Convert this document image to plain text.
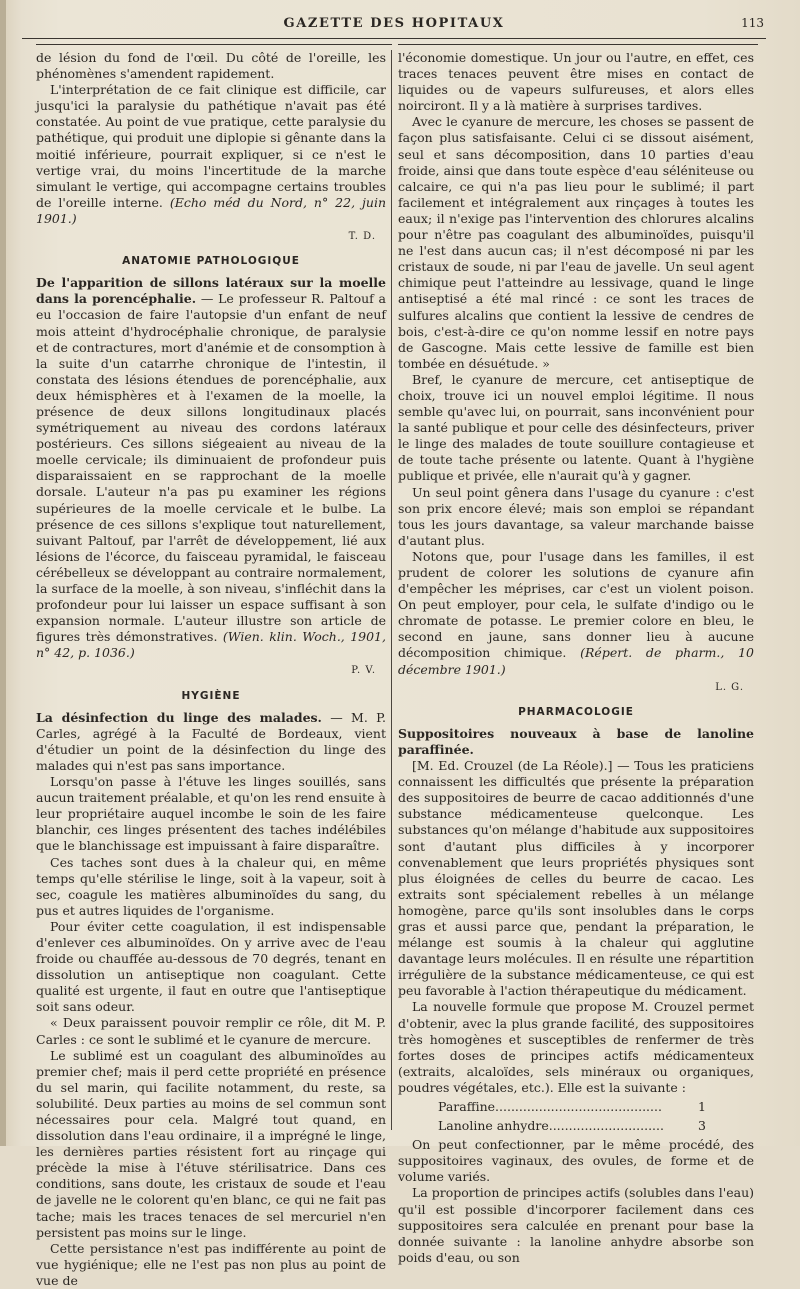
GAZETTE DES HOPITAUX	113

de lésion du fond de l'œil. Du côté de l'oreille, les phénomènes s'amendent rapidement.

L'interprétation de ce fait clinique est difficile, car jusqu'ici la paralysie du pathétique n'avait pas été constatée. Au point de vue pratique, cette paralysie du pathétique, qui produit une diplopie si gênante dans la moitié inférieure, pourrait expliquer, si ce n'est le vertige vrai, du moins l'incertitude de la marche simulant le vertige, qui accompagne certains troubles de l'oreille interne. (Echo méd du Nord, n° 22, juin 1901.)

T. D.
ANATOMIE PATHOLOGIQUE

De l'apparition de sillons latéraux sur la moelle dans la porencéphalie. — Le professeur R. Paltouf a eu l'occasion de faire l'autopsie d'un enfant de neuf mois atteint d'hydrocéphalie chronique, de paralysie et de contractures, mort d'anémie et de consomption à la suite d'un catarrhe chronique de l'intestin, il constata des lésions étendues de porencéphalie, aux deux hémisphères et à l'examen de la moelle, la présence de deux sillons longitudinaux placés symétriquement au niveau des cordons latéraux postérieurs. Ces sillons siégeaient au niveau de la moelle cervicale; ils diminuaient de profondeur puis disparaissaient en se rapprochant de la moelle dorsale. L'auteur n'a pas pu examiner les régions supérieures de la moelle cervicale et le bulbe. La présence de ces sillons s'explique tout naturellement, suivant Paltouf, par l'arrêt de développement, lié aux lésions de l'écorce, du faisceau pyramidal, le faisceau cérébelleux se développant au contraire normalement, la surface de la moelle, à son niveau, s'infléchit dans la profondeur pour lui laisser un espace suffisant à son expansion normale. L'auteur illustre son article de figures très démonstratives. (Wien. klin. Woch., 1901, n° 42, p. 1036.)

P. V.
HYGIÈNE

La désinfection du linge des malades. — M. P. Carles, agrégé à la Faculté de Bordeaux, vient d'étudier un point de la désinfection du linge des malades qui n'est pas sans importance.

Lorsqu'on passe à l'étuve les linges souillés, sans aucun traitement préalable, et qu'on les rend ensuite à leur propriétaire auquel incombe le soin de les faire blanchir, ces linges présentent des taches indélébiles que le blanchissage est impuissant à faire disparaître.

Ces taches sont dues à la chaleur qui, en même temps qu'elle stérilise le linge, soit à la vapeur, soit à sec, coagule les matières albuminoïdes du sang, du pus et autres liquides de l'organisme.

Pour éviter cette coagulation, il est indispensable d'enlever ces albuminoïdes. On y arrive avec de l'eau froide ou chauffée au-dessous de 70 degrés, tenant en dissolution un antiseptique non coagulant. Cette qualité est urgente, il faut en outre que l'antiseptique soit sans odeur.

« Deux paraissent pouvoir remplir ce rôle, dit M. P. Carles : ce sont le sublimé et le cyanure de mercure.

Le sublimé est un coagulant des albuminoïdes au premier chef; mais il perd cette propriété en présence du sel marin, qui facilite notamment, du reste, sa solubilité. Deux parties au moins de sel commun sont nécessaires pour cela. Malgré tout quand, en dissolution dans l'eau ordinaire, il a imprégné le linge, les dernières parties résistent fort au rinçage qui précède la mise à l'étuve stérilisatrice. Dans ces conditions, sans doute, les cristaux de soude et l'eau de javelle ne le colorent qu'en blanc, ce qui ne fait pas tache; mais les traces tenaces de sel mercuriel n'en persistent pas moins sur le linge.

Cette persistance n'est pas indifférente au point de vue hygiénique; elle ne l'est pas non plus au point de vue de

l'économie domestique. Un jour ou l'autre, en effet, ces traces tenaces peuvent être mises en contact de liquides ou de vapeurs sulfureuses, et alors elles noirciront. Il y a là matière à surprises tardives.

Avec le cyanure de mercure, les choses se passent de façon plus satisfaisante. Celui ci se dissout aisément, seul et sans décomposition, dans 10 parties d'eau froide, ainsi que dans toute espèce d'eau séléniteuse ou calcaire, ce qui n'a pas lieu pour le sublimé; il part facilement et intégralement aux rinçages à toutes les eaux; il n'exige pas l'intervention des chlorures alcalins pour n'être pas coagulant des albuminoïdes, puisqu'il ne l'est dans aucun cas; il n'est décomposé ni par les cristaux de soude, ni par l'eau de javelle. Un seul agent chimique peut l'atteindre au lessivage, quand le linge antiseptisé a été mal rincé : ce sont les traces de sulfures alcalins que contient la lessive de cendres de bois, c'est-à-dire ce qu'on nomme lessif en notre pays de Gascogne. Mais cette lessive de famille est bien tombée en désuétude. »

Bref, le cyanure de mercure, cet antiseptique de choix, trouve ici un nouvel emploi légitime. Il nous semble qu'avec lui, on pourrait, sans inconvénient pour la santé publique et pour celle des désinfecteurs, priver le linge des malades de toute souillure contagieuse et de toute tache présente ou latente. Quant à l'hygiène publique et privée, elle n'aurait qu'à y gagner.

Un seul point gênera dans l'usage du cyanure : c'est son prix encore élevé; mais son emploi se répandant tous les jours davantage, sa valeur marchande baisse d'autant plus.

Notons que, pour l'usage dans les familles, il est prudent de colorer les solutions de cyanure afin d'empêcher les méprises, car c'est un violent poison. On peut employer, pour cela, le sulfate d'indigo ou le chromate de potasse. Le premier colore en bleu, le second en jaune, sans donner lieu à aucune décomposition chimique. (Répert. de pharm., 10 décembre 1901.)

L. G.
PHARMACOLOGIE

Suppositoires nouveaux à base de lanoline paraffinée.

[M. Ed. Crouzel (de La Réole).] — Tous les praticiens connaissent les difficultés que présente la préparation des suppositoires de beurre de cacao additionnés d'une substance médicamenteuse quelconque. Les substances qu'on mélange d'habitude aux suppositoires sont d'autant plus difficiles à y incorporer convenablement que leurs propriétés physiques sont plus éloignées de celles du beurre de cacao. Les extraits sont spécialement rebelles à un mélange homogène, parce qu'ils sont insolubles dans le corps gras et aussi parce que, pendant la préparation, le mélange est soumis à la chaleur qui agglutine davantage leurs molécules. Il en résulte une répartition irrégulière de la substance médicamenteuse, ce qui est peu favorable à l'action thérapeutique du médicament.

La nouvelle formule que propose M. Crouzel permet d'obtenir, avec la plus grande facilité, des suppositoires très homogènes et susceptibles de renfermer de très fortes doses de principes actifs médicamenteux (extraits, alcaloïdes, sels minéraux ou organiques, poudres végétales, etc.). Elle est la suivante :

Paraffine..........................................	1
Lanoline anhydre.............................	3

On peut confectionner, par le même procédé, des suppositoires vaginaux, des ovules, de forme et de volume variés.

La proportion de principes actifs (solubles dans l'eau) qu'il est possible d'incorporer facilement dans ces suppositoires sera calculée en prenant pour base la donnée suivante : la lanoline anhydre absorbe son poids d'eau, ou son
